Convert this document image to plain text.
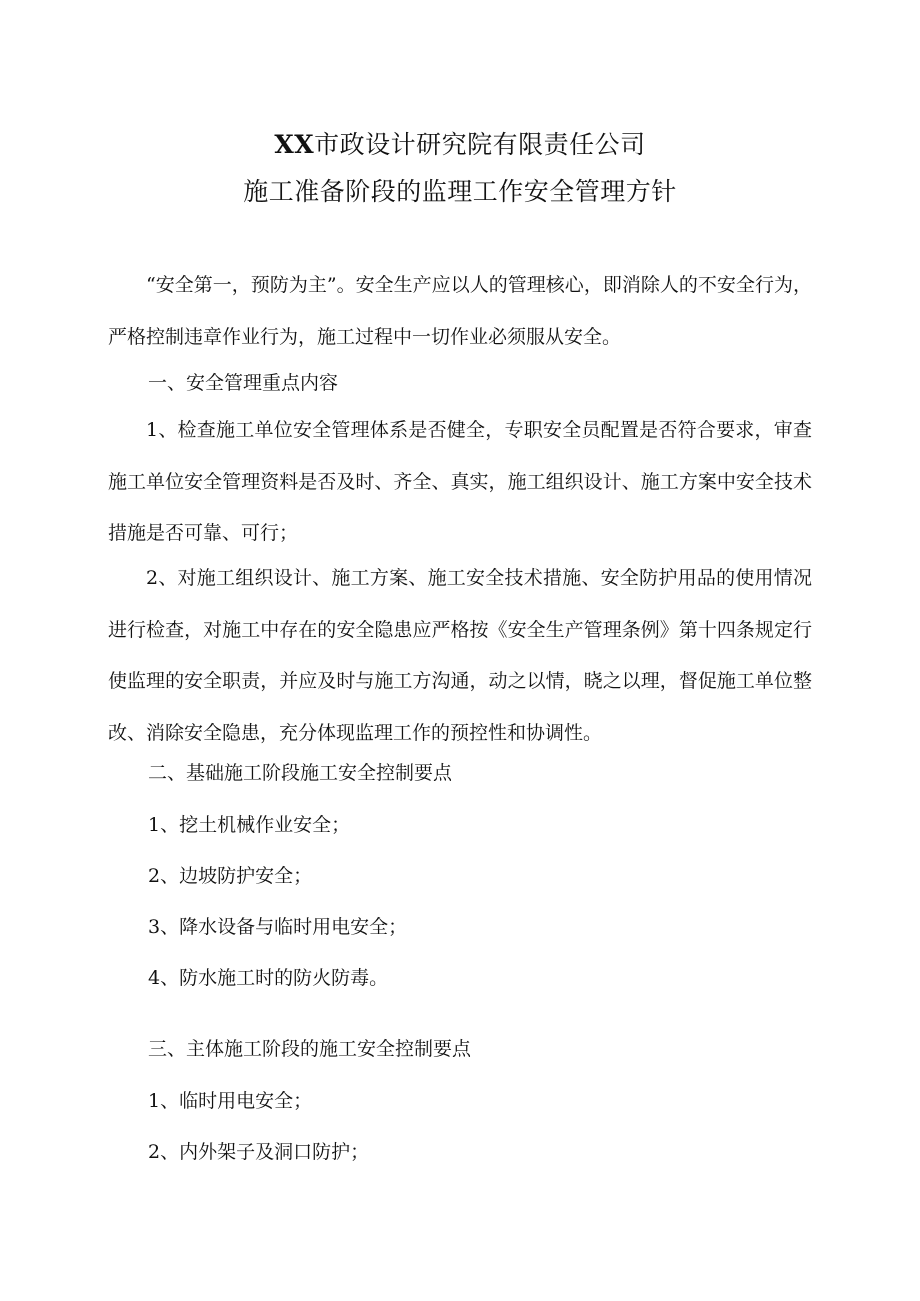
XX市政设计研究院有限责任公司
施工准备阶段的监理工作安全管理方针
“安全第一，预防为主”。安全生产应以人的管理核心，即消除人的不安全行为，严格控制违章作业行为，施工过程中一切作业必须服从安全。
一、安全管理重点内容
1、检查施工单位安全管理体系是否健全，专职安全员配置是否符合要求，审查施工单位安全管理资料是否及时、齐全、真实，施工组织设计、施工方案中安全技术措施是否可靠、可行；
2、对施工组织设计、施工方案、施工安全技术措施、安全防护用品的使用情况进行检查，对施工中存在的安全隐患应严格按《安全生产管理条例》第十四条规定行使监理的安全职责，并应及时与施工方沟通，动之以情，晓之以理，督促施工单位整改、消除安全隐患，充分体现监理工作的预控性和协调性。
二、基础施工阶段施工安全控制要点
1、挖土机械作业安全；
2、边坡防护安全；
3、降水设备与临时用电安全；
4、防水施工时的防火防毒。
三、主体施工阶段的施工安全控制要点
1、临时用电安全；
2、内外架子及洞口防护；
